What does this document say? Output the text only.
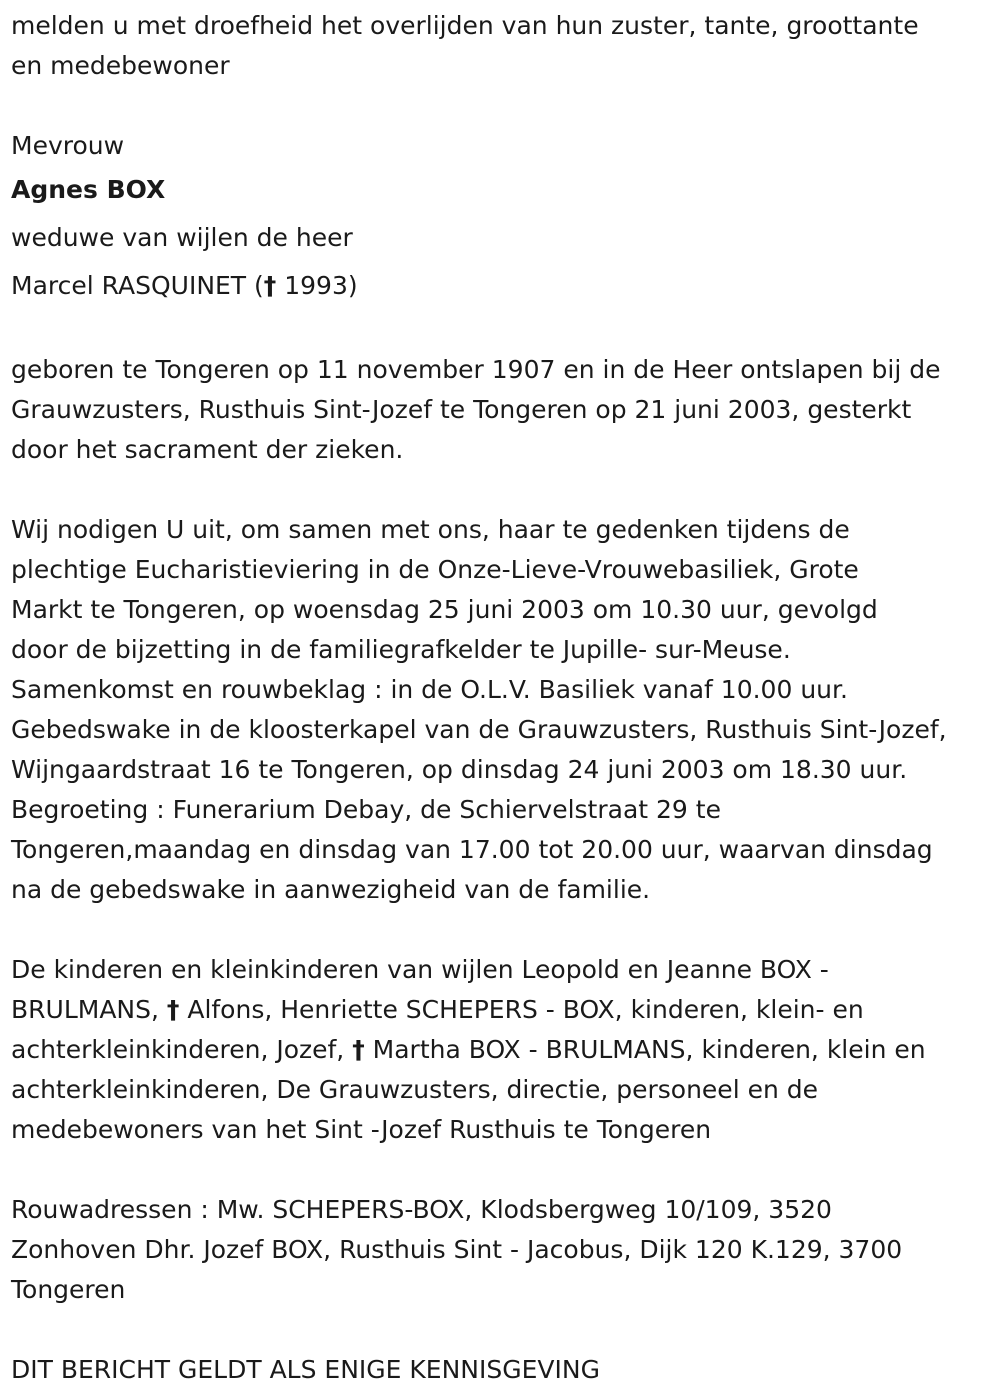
melden u met droefheid het overlijden van hun zuster, tante, groottante
en medebewoner
Mevrouw
Agnes BOX
weduwe van wijlen de heer
Marcel RASQUINET († 1993)
geboren te Tongeren op 11 november 1907 en in de Heer ontslapen bij de
Grauwzusters, Rusthuis Sint-Jozef te Tongeren op 21 juni 2003, gesterkt
door het sacrament der zieken.
Wij nodigen U uit, om samen met ons, haar te gedenken tijdens de
plechtige Eucharistieviering in de Onze-Lieve-Vrouwebasiliek, Grote
Markt te Tongeren, op woensdag 25 juni 2003 om 10.30 uur, gevolgd
door de bijzetting in de familiegrafkelder te Jupille- sur-Meuse.
Samenkomst en rouwbeklag : in de O.L.V. Basiliek vanaf 10.00 uur.
Gebedswake in de kloosterkapel van de Grauwzusters, Rusthuis Sint-Jozef,
Wijngaardstraat 16 te Tongeren, op dinsdag 24 juni 2003 om 18.30 uur.
Begroeting : Funerarium Debay, de Schiervelstraat 29 te
Tongeren,maandag en dinsdag van 17.00 tot 20.00 uur, waarvan dinsdag
na de gebedswake in aanwezigheid van de familie.
De kinderen en kleinkinderen van wijlen Leopold en Jeanne BOX -
BRULMANS, † Alfons, Henriette SCHEPERS - BOX, kinderen, klein- en
achterkleinkinderen, Jozef, † Martha BOX - BRULMANS, kinderen, klein en
achterkleinkinderen, De Grauwzusters, directie, personeel en de
medebewoners van het Sint -Jozef Rusthuis te Tongeren
Rouwadressen : Mw. SCHEPERS-BOX, Klodsbergweg 10/109, 3520
Zonhoven Dhr. Jozef BOX, Rusthuis Sint - Jacobus, Dijk 120 K.129, 3700
Tongeren
DIT BERICHT GELDT ALS ENIGE KENNISGEVING
